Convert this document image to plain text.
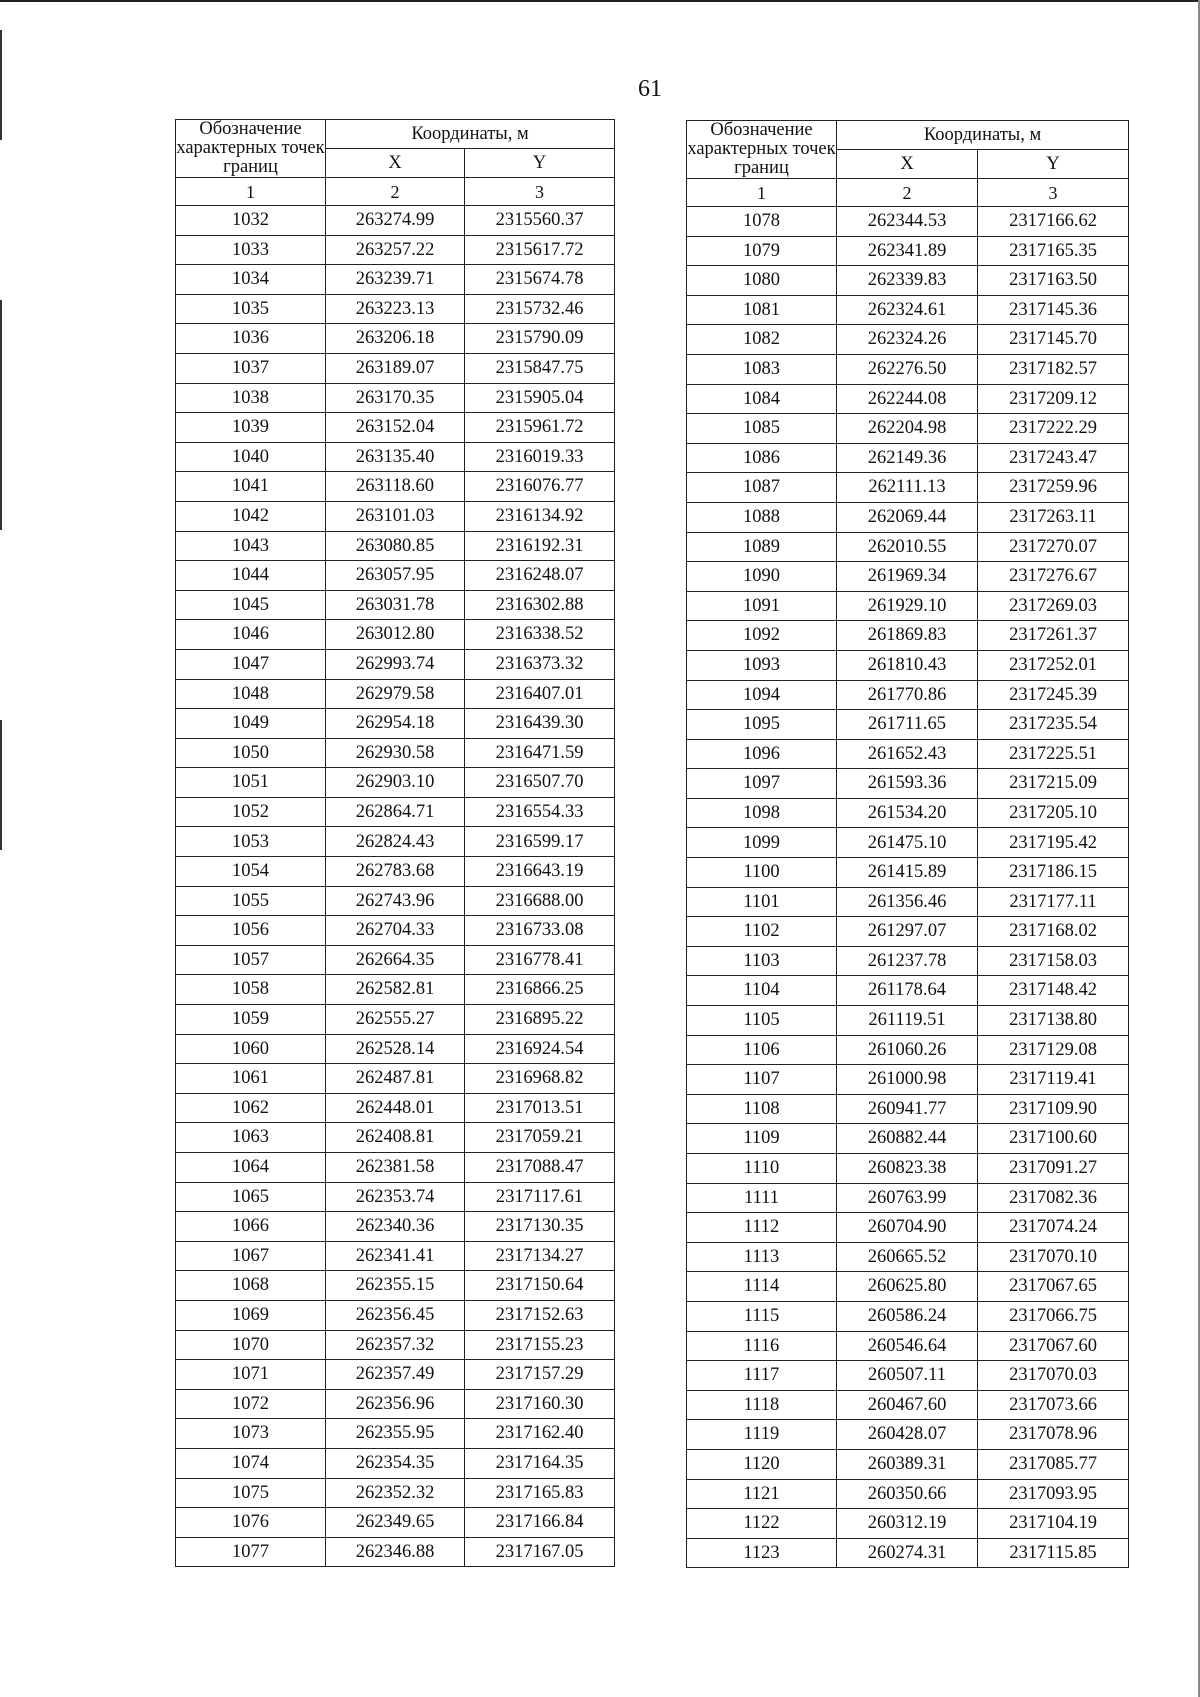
61
Обозначение характерных точек границ	Координаты, м	
	X	Y
1	2	3
1032	263274.99	2315560.37
1033	263257.22	2315617.72
1034	263239.71	2315674.78
1035	263223.13	2315732.46
1036	263206.18	2315790.09
1037	263189.07	2315847.75
1038	263170.35	2315905.04
1039	263152.04	2315961.72
1040	263135.40	2316019.33
1041	263118.60	2316076.77
1042	263101.03	2316134.92
1043	263080.85	2316192.31
1044	263057.95	2316248.07
1045	263031.78	2316302.88
1046	263012.80	2316338.52
1047	262993.74	2316373.32
1048	262979.58	2316407.01
1049	262954.18	2316439.30
1050	262930.58	2316471.59
1051	262903.10	2316507.70
1052	262864.71	2316554.33
1053	262824.43	2316599.17
1054	262783.68	2316643.19
1055	262743.96	2316688.00
1056	262704.33	2316733.08
1057	262664.35	2316778.41
1058	262582.81	2316866.25
1059	262555.27	2316895.22
1060	262528.14	2316924.54
1061	262487.81	2316968.82
1062	262448.01	2317013.51
1063	262408.81	2317059.21
1064	262381.58	2317088.47
1065	262353.74	2317117.61
1066	262340.36	2317130.35
1067	262341.41	2317134.27
1068	262355.15	2317150.64
1069	262356.45	2317152.63
1070	262357.32	2317155.23
1071	262357.49	2317157.29
1072	262356.96	2317160.30
1073	262355.95	2317162.40
1074	262354.35	2317164.35
1075	262352.32	2317165.83
1076	262349.65	2317166.84
1077	262346.88	2317167.05
Обозначение характерных точек границ	Координаты, м	
	X	Y
1	2	3
1078	262344.53	2317166.62
1079	262341.89	2317165.35
1080	262339.83	2317163.50
1081	262324.61	2317145.36
1082	262324.26	2317145.70
1083	262276.50	2317182.57
1084	262244.08	2317209.12
1085	262204.98	2317222.29
1086	262149.36	2317243.47
1087	262111.13	2317259.96
1088	262069.44	2317263.11
1089	262010.55	2317270.07
1090	261969.34	2317276.67
1091	261929.10	2317269.03
1092	261869.83	2317261.37
1093	261810.43	2317252.01
1094	261770.86	2317245.39
1095	261711.65	2317235.54
1096	261652.43	2317225.51
1097	261593.36	2317215.09
1098	261534.20	2317205.10
1099	261475.10	2317195.42
1100	261415.89	2317186.15
1101	261356.46	2317177.11
1102	261297.07	2317168.02
1103	261237.78	2317158.03
1104	261178.64	2317148.42
1105	261119.51	2317138.80
1106	261060.26	2317129.08
1107	261000.98	2317119.41
1108	260941.77	2317109.90
1109	260882.44	2317100.60
1110	260823.38	2317091.27
1111	260763.99	2317082.36
1112	260704.90	2317074.24
1113	260665.52	2317070.10
1114	260625.80	2317067.65
1115	260586.24	2317066.75
1116	260546.64	2317067.60
1117	260507.11	2317070.03
1118	260467.60	2317073.66
1119	260428.07	2317078.96
1120	260389.31	2317085.77
1121	260350.66	2317093.95
1122	260312.19	2317104.19
1123	260274.31	2317115.85
